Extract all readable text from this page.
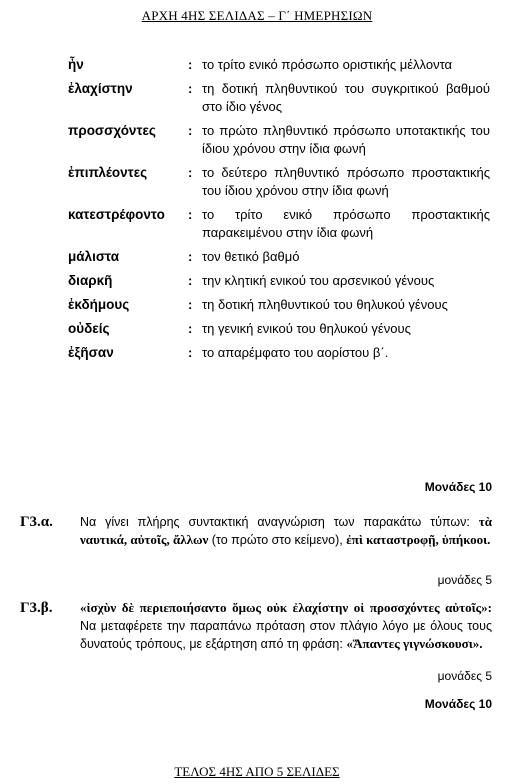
ΑΡΧΗ 4ΗΣ ΣΕΛΙΔΑΣ – Γ΄ ΗΜΕΡΗΣΙΩΝ
ἦν	: το τρίτο ενικό πρόσωπο οριστικής μέλλοντα
ἐλαχίστην	: τη δοτική πληθυντικού του συγκριτικού βαθμού στο ίδιο γένος
προσσχόντες	: το πρώτο πληθυντικό πρόσωπο υποτακτικής του ίδιου χρόνου στην ίδια φωνή
ἐπιπλέοντες	: το δεύτερο πληθυντικό πρόσωπο προστακτικής του ίδιου χρόνου στην ίδια φωνή
κατεστρέφοντο	: το τρίτο ενικό πρόσωπο προστακτικής παρακειμένου στην ίδια φωνή
μάλιστα	: τον θετικό βαθμό
διαρκῆ	: την κλητική ενικού του αρσενικού γένους
ἐκδήμους	: τη δοτική πληθυντικού του θηλυκού γένους
οὐδείς	: τη γενική ενικού του θηλυκού γένους
ἐξῆσαν	: το απαρέμφατο του αορίστου β΄.
Μονάδες 10
Γ3.α.	Να γίνει πλήρης συντακτική αναγνώριση των παρακάτω τύπων: τὰ ναυτικά, αὐτοῖς, ἄλλων (το πρώτο στο κείμενο), ἐπὶ καταστροφῇ, ὑπήκοοι.
μονάδες 5
Γ3.β.	«ἰσχὺν δὲ περιεποιήσαντο ὅμως οὐκ ἐλαχίστην οἱ προσσχόντες αὐτοῖς»: Να μεταφέρετε την παραπάνω πρόταση στον πλάγιο λόγο με όλους τους δυνατούς τρόπους, με εξάρτηση από τη φράση: «Ἅπαντες γιγνώσκουσι».
μονάδες 5
Μονάδες 10
ΤΕΛΟΣ 4ΗΣ ΑΠΟ 5 ΣΕΛΙΔΕΣ
